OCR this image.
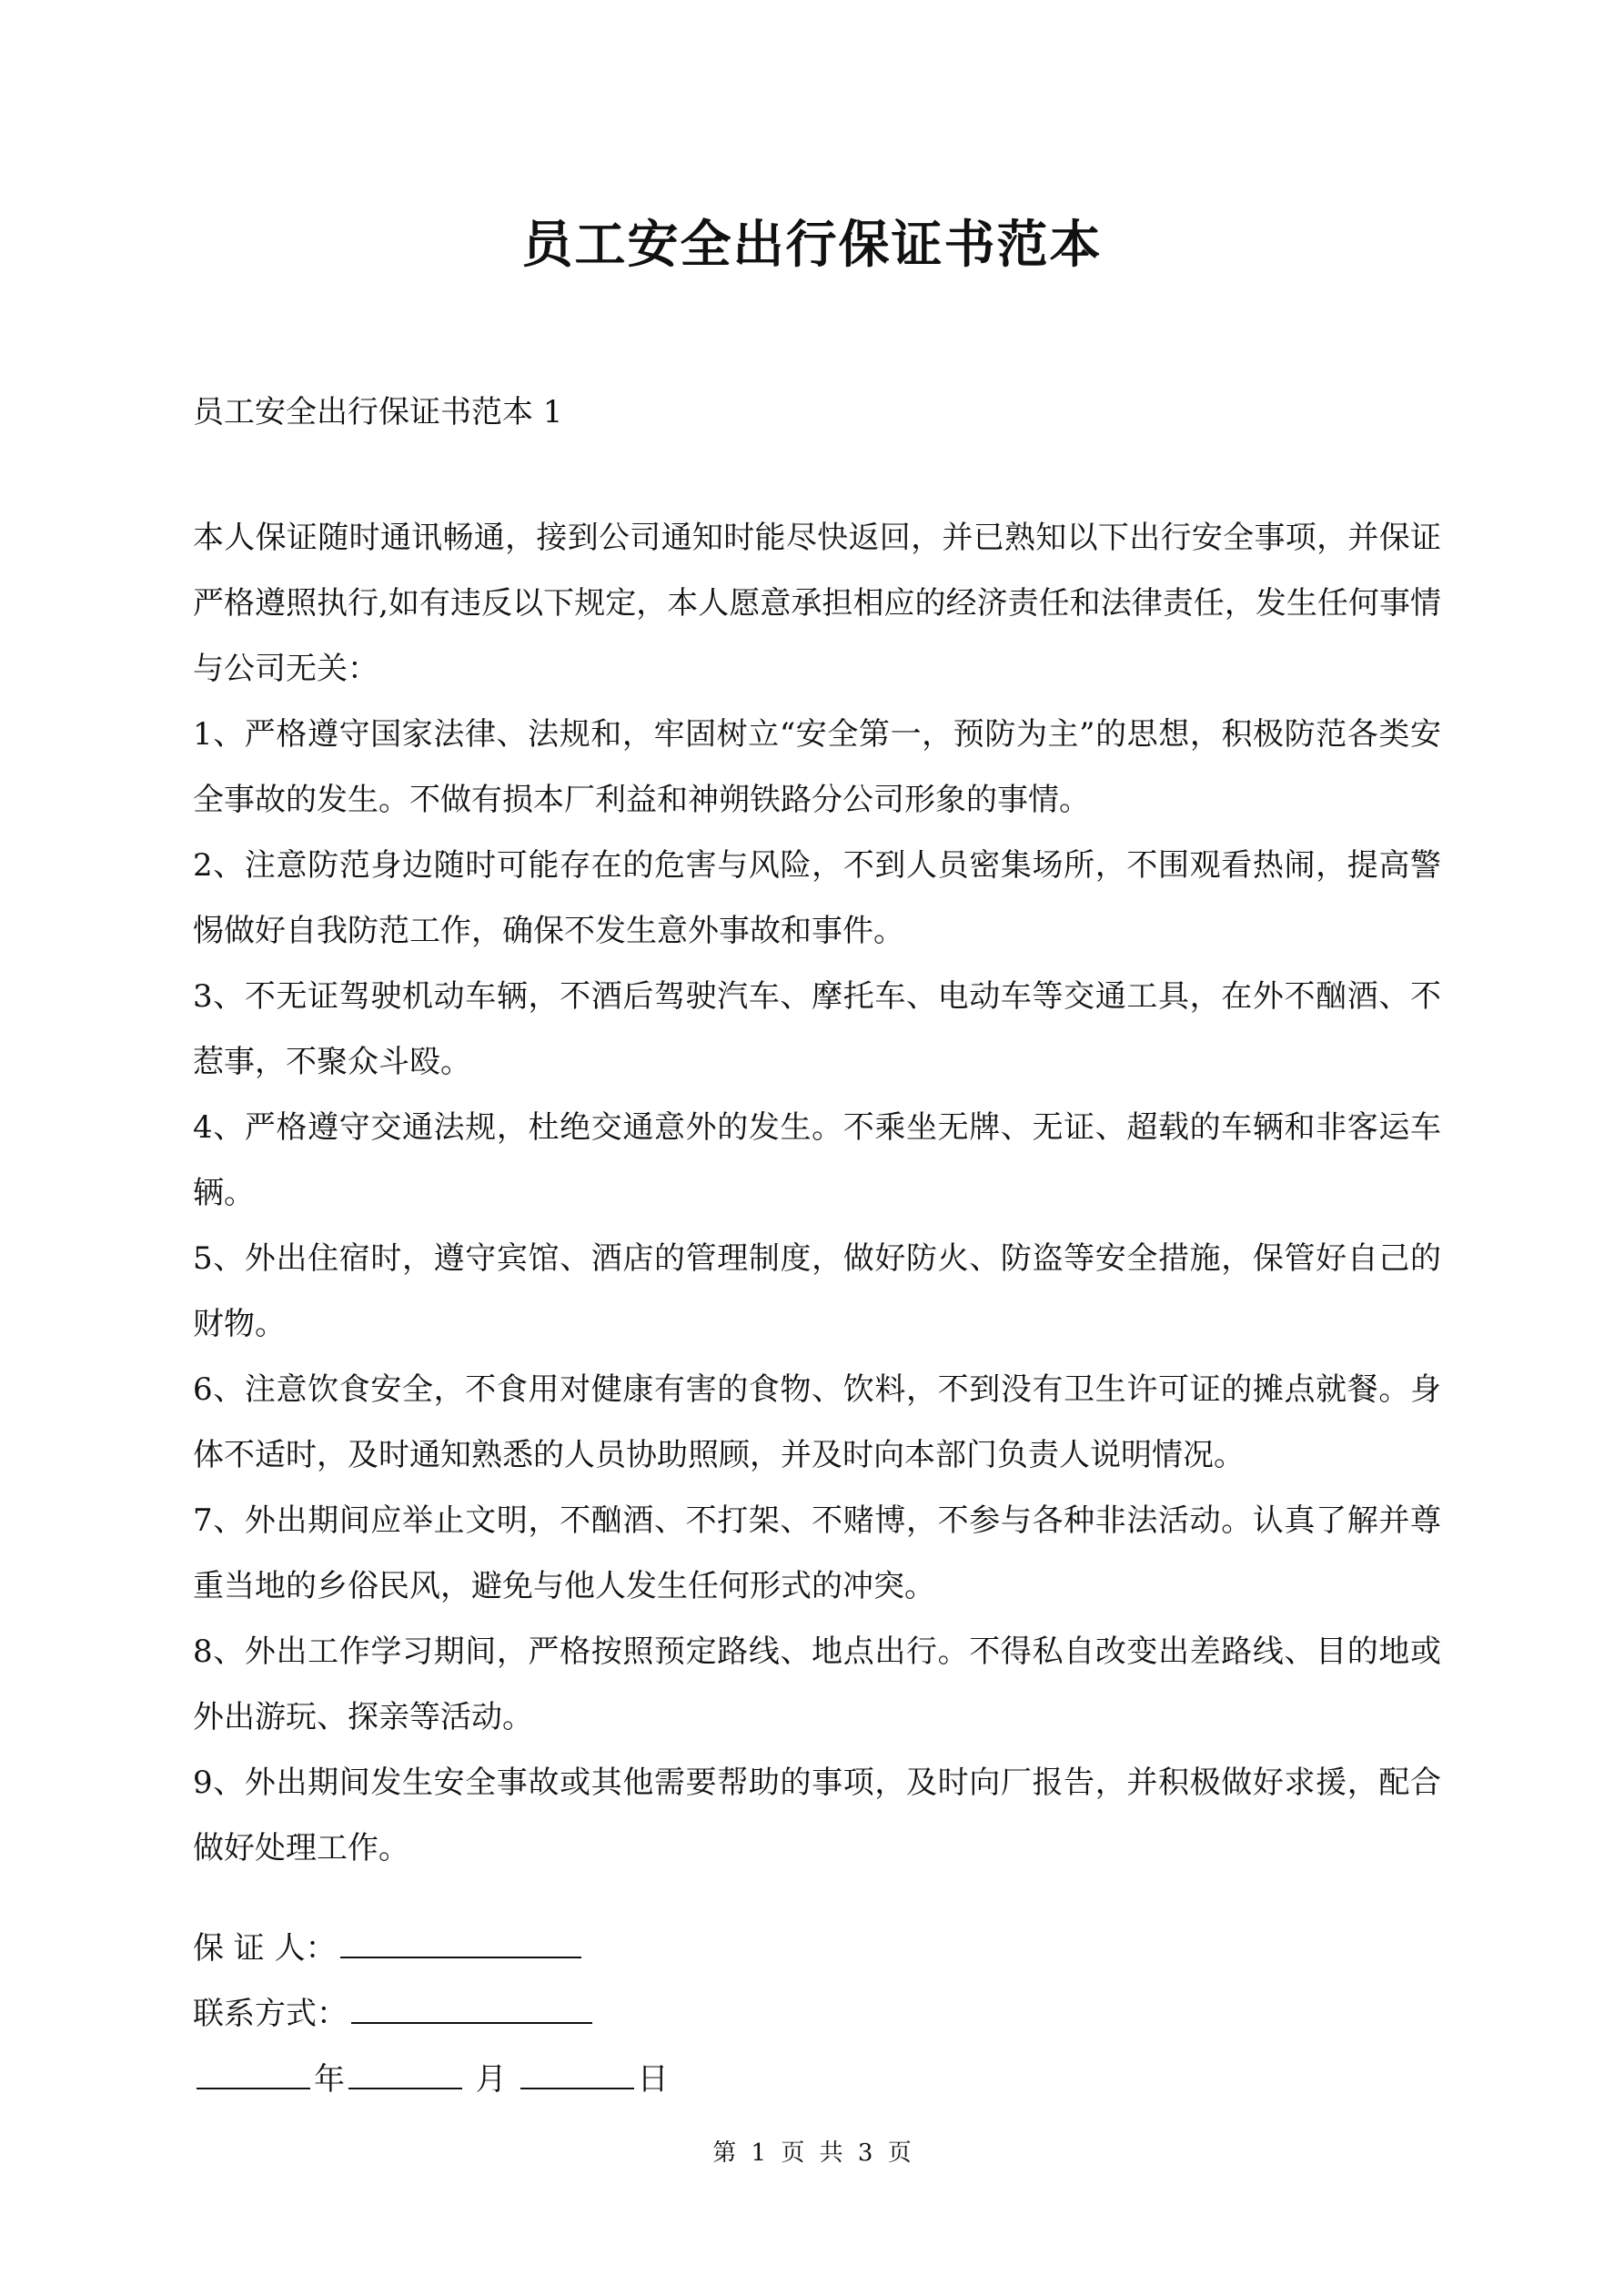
员工安全出行保证书范本
员工安全出行保证书范本 1

本人保证随时通讯畅通，接到公司通知时能尽快返回，并已熟知以下出行安全事项，并保证严格遵照执行,如有违反以下规定，本人愿意承担相应的经济责任和法律责任，发生任何事情与公司无关：

1、严格遵守国家法律、法规和，牢固树立“安全第一，预防为主”的思想，积极防范各类安全事故的发生。不做有损本厂利益和神朔铁路分公司形象的事情。

2、注意防范身边随时可能存在的危害与风险，不到人员密集场所，不围观看热闹，提高警惕做好自我防范工作，确保不发生意外事故和事件。

3、不无证驾驶机动车辆，不酒后驾驶汽车、摩托车、电动车等交通工具，在外不酗酒、不惹事，不聚众斗殴。

4、严格遵守交通法规，杜绝交通意外的发生。不乘坐无牌、无证、超载的车辆和非客运车辆。

5、外出住宿时，遵守宾馆、酒店的管理制度，做好防火、防盗等安全措施，保管好自己的财物。

6、注意饮食安全，不食用对健康有害的食物、饮料，不到没有卫生许可证的摊点就餐。身体不适时，及时通知熟悉的人员协助照顾，并及时向本部门负责人说明情况。

7、外出期间应举止文明，不酗酒、不打架、不赌博，不参与各种非法活动。认真了解并尊重当地的乡俗民风，避免与他人发生任何形式的冲突。

8、外出工作学习期间，严格按照预定路线、地点出行。不得私自改变出差路线、目的地或外出游玩、探亲等活动。

9、外出期间发生安全事故或其他需要帮助的事项，及时向厂报告，并积极做好求援，配合做好处理工作。

保 证 人：
联系方式：
年	月	日
第 1 页 共 3 页
